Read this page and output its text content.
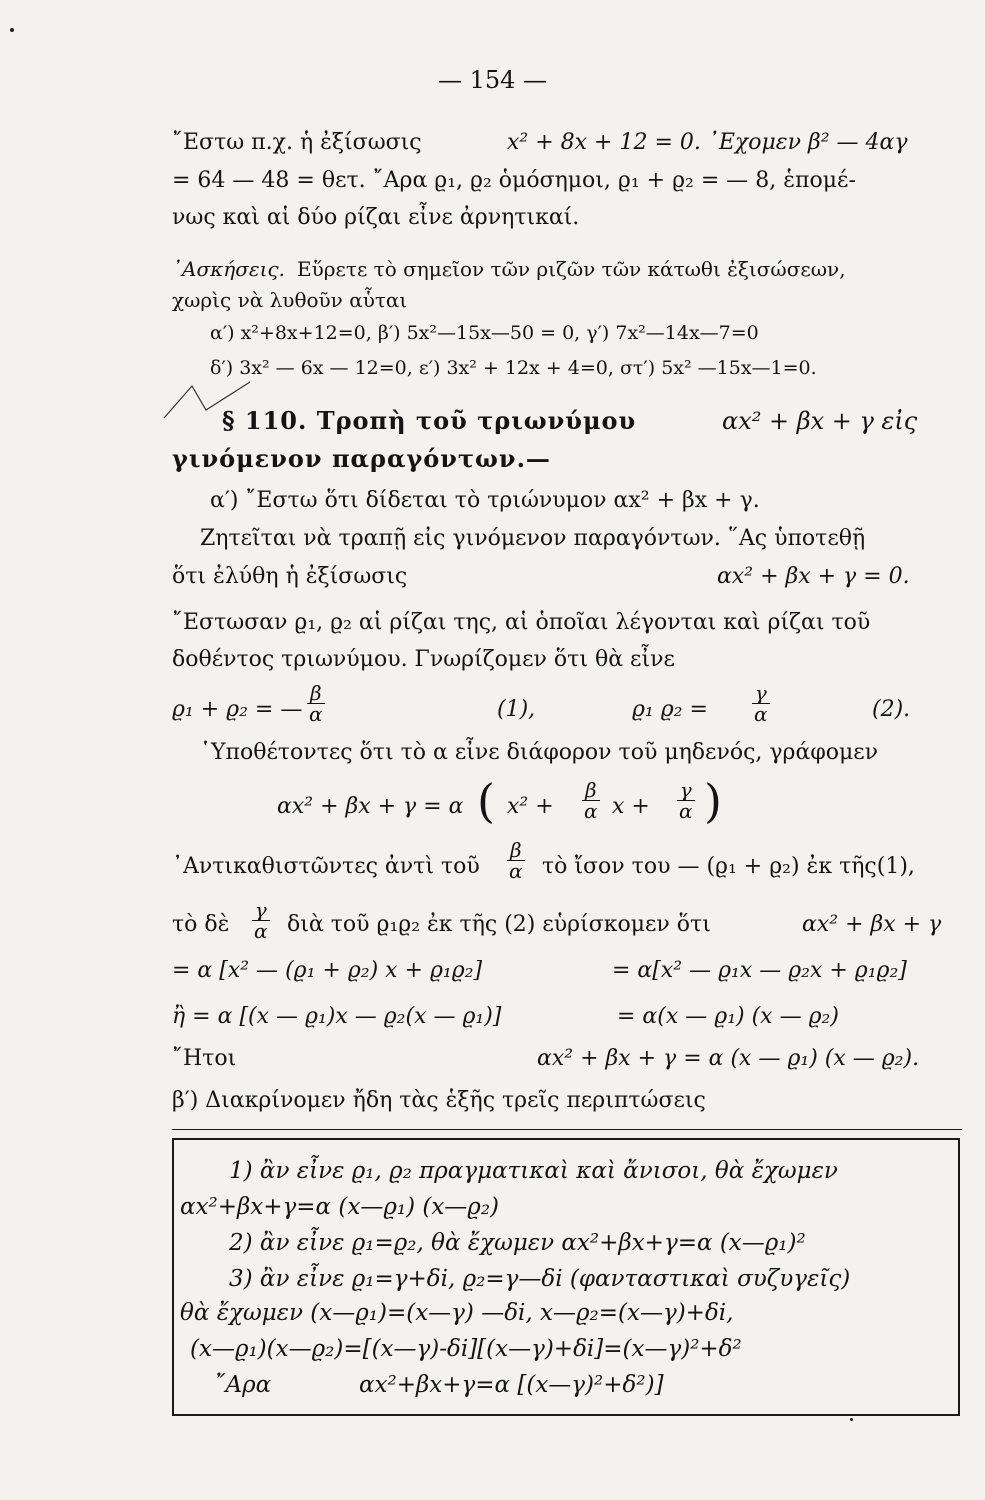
— 154 —
῎Εστω π.χ. ἡ ἐξίσωσις	x² + 8x + 12 = 0. ᾿Εχομεν β² — 4αγ
= 64 — 48 = θετ. ῎Αρα ϱ₁, ϱ₂ ὁμόσημοι, ϱ₁ + ϱ₂ = — 8, ἑπομέ-
νως καὶ αἱ δύο ρίζαι εἶνε ἀρνητικαί.
᾿Ασκήσεις. Εὕρετε τὸ σημεῖον τῶν ριζῶν τῶν κάτωθι ἐξισώσεων,
χωρὶς νὰ λυθοῦν αὗται
α′) x²+8x+12=0, β′) 5x²—15x—50 = 0, γ′) 7x²—14x—7=0
δ′) 3x² — 6x — 12=0, ε′) 3x² + 12x + 4=0, στ′) 5x² —15x—1=0.
§ 110. Τροπὴ τοῦ τριωνύμου	αx² + βx + γ εἰς
γινόμενον παραγόντων.—
α′) ῎Εστω ὅτι δίδεται τὸ τριώνυμον αx² + βx + γ.
Ζητεῖται νὰ τραπῇ εἰς γινόμενον παραγόντων. ῞Ας ὑποτεθῇ
ὅτι ἐλύθη ἡ ἐξίσωσις	αx² + βx + γ = 0.
῎Εστωσαν ϱ₁, ϱ₂ αἱ ρίζαι της, αἱ ὁποῖαι λέγονται καὶ ρίζαι τοῦ
δοθέντος τριωνύμου. Γνωρίζομεν ὅτι θὰ εἶνε
ϱ₁ + ϱ₂ = — $\frac{\beta}{\alpha}$	(1),	ϱ₁ $ϱ_2 = \frac{\gamma}{\alpha}$	(2).
῾Υποθέτοντες ὅτι τὸ α εἶνε διάφορον τοῦ μηδενός, γράφομεν
αx² + βx + γ = α ( $x^2 + \frac{\beta}{\alpha}$ $x + \frac{\gamma}{\alpha}$ )
᾿Αντικαθιστῶντες ἀντὶ τοῦ $\frac{\beta}{\alpha}$ τὸ ἴσον του — (ϱ₁ + ϱ₂) ἐκ τῆς(1),
τὸ δὲ $\frac{\gamma}{\alpha}$ διὰ τοῦ ϱ₁ϱ₂ ἐκ τῆς (2) εὑρίσκομεν ὅτι	αx² + βx + γ
= α [x² — (ϱ₁ + ϱ₂) x + ϱ₁ϱ₂]	= α[x² — ϱ₁x — ϱ₂x + ϱ₁ϱ₂]
ἢ = α [(x — ϱ₁)x — ϱ₂(x — ϱ₁)]	= α(x — ϱ₁) (x — ϱ₂)
῎Ητοι	αx² + βx + γ = α (x — ϱ₁) (x — ϱ₂).
β′) Διακρίνομεν ἤδη τὰς ἑξῆς τρεῖς περιπτώσεις
1) ἂν εἶνε ϱ₁, ϱ₂ πραγματικαὶ καὶ ἄνισοι, θὰ ἔχωμεν
αx²+βx+γ=α (x—ϱ₁) (x—ϱ₂)
2) ἂν εἶνε ϱ₁=ϱ₂, θὰ ἔχωμεν αx²+βx+γ=α (x—ϱ₁)²
3) ἂν εἶνε ϱ₁=γ+δi, ϱ₂=γ—δi (φανταστικαὶ συζυγεῖς)
θὰ ἔχωμεν (x—ϱ₁)=(x—γ) —δi, x—ϱ₂=(x—γ)+δi,
(x—ϱ₁)(x—ϱ₂)=[(x—γ)-δi][(x—γ)+δi]=(x—γ)²+δ²
῎Αρα	αx²+βx+γ=α [(x—γ)²+δ²)]
